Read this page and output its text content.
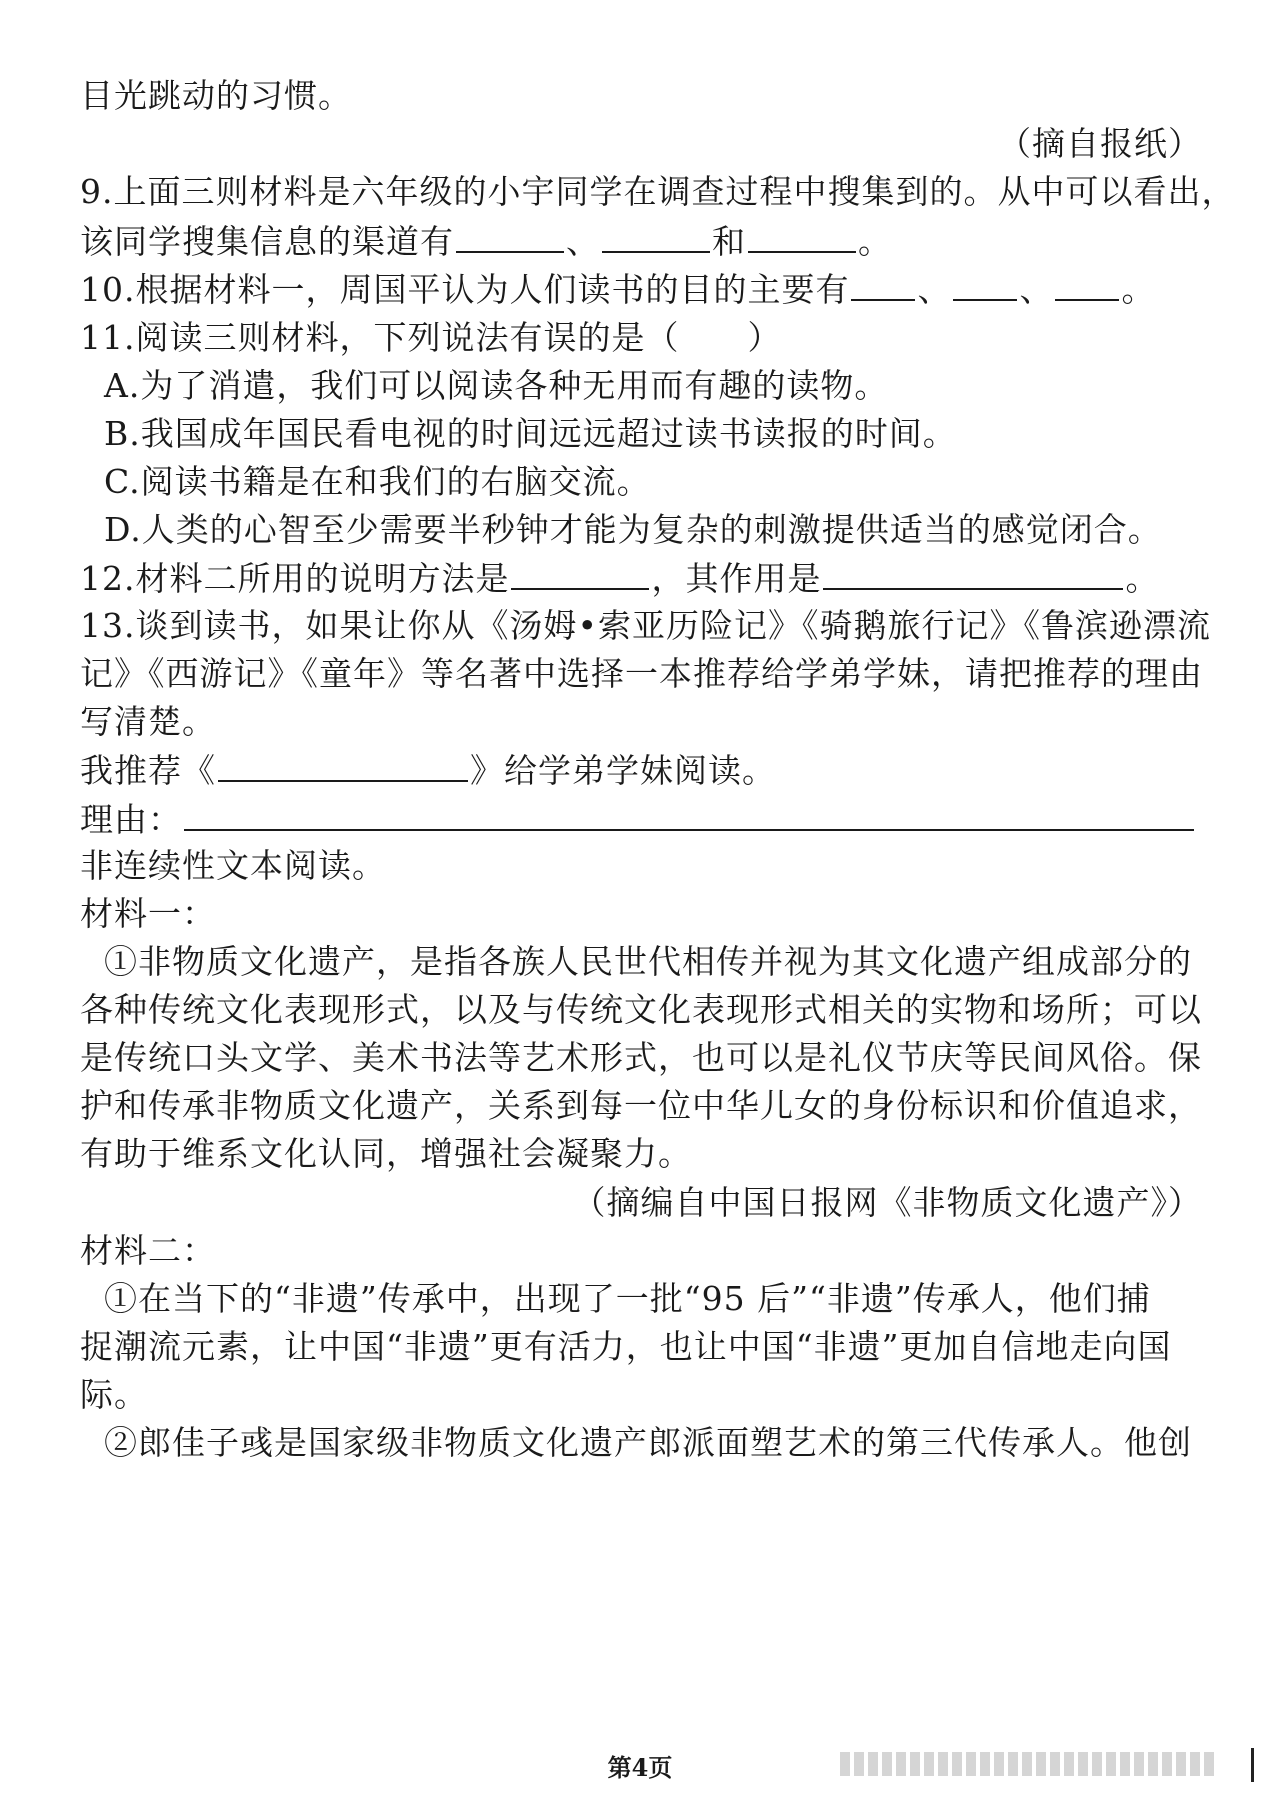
目光跳动的习惯。
（摘自报纸）
9.上面三则材料是六年级的小宇同学在调查过程中搜集到的。从中可以看出，
该同学搜集信息的渠道有	、	和	。
10.根据材料一，周国平认为人们读书的目的主要有 、 、 。
11.阅读三则材料，下列说法有误的是（　　）
A.为了消遣，我们可以阅读各种无用而有趣的读物。
B.我国成年国民看电视的时间远远超过读书读报的时间。
C.阅读书籍是在和我们的右脑交流。
D.人类的心智至少需要半秒钟才能为复杂的刺激提供适当的感觉闭合。
12.材料二所用的说明方法是	，其作用是	。
13.谈到读书，如果让你从《汤姆•索亚历险记》《骑鹅旅行记》《鲁滨逊漂流
记》《西游记》《童年》等名著中选择一本推荐给学弟学妹，请把推荐的理由
写清楚。
我推荐《	》给学弟学妹阅读。
理由：
非连续性文本阅读。
材料一：
①非物质文化遗产，是指各族人民世代相传并视为其文化遗产组成部分的
各种传统文化表现形式，以及与传统文化表现形式相关的实物和场所；可以
是传统口头文学、美术书法等艺术形式，也可以是礼仪节庆等民间风俗。保
护和传承非物质文化遗产，关系到每一位中华儿女的身份标识和价值追求，
有助于维系文化认同，增强社会凝聚力。
（摘编自中国日报网《非物质文化遗产》）
材料二：
①在当下的“非遗”传承中，出现了一批“95 后”“非遗”传承人，他们捕
捉潮流元素，让中国“非遗”更有活力，也让中国“非遗”更加自信地走向国
际。
②郎佳子彧是国家级非物质文化遗产郎派面塑艺术的第三代传承人。他创
第4页
